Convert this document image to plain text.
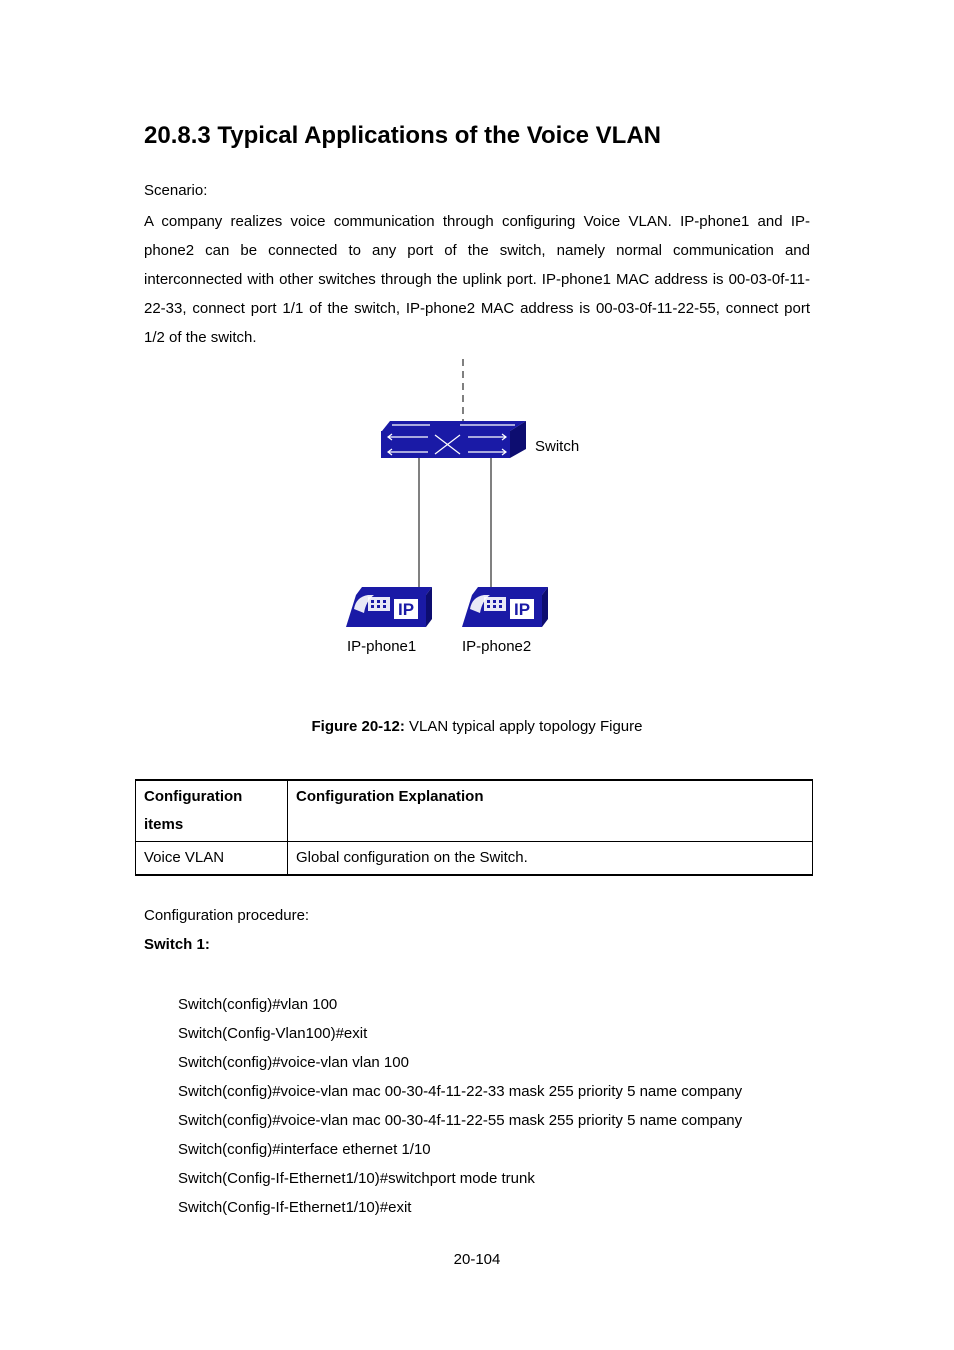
20.8.3 Typical Applications of the Voice VLAN
Scenario:

A company realizes voice communication through configuring Voice VLAN. IP-phone1 and IP-phone2 can be connected to any port of the switch, namely normal communication and interconnected with other switches through the uplink port. IP-phone1 MAC address is 00-03-0f-11-22-33, connect port 1/1 of the switch, IP-phone2 MAC address is 00-03-0f-11-22-55, connect port 1/2 of the switch.

IP	IP
Switch
IP-phone1	IP-phone2
Figure 20-12: VLAN typical apply topology Figure
Configuration items	Configuration Explanation
Voice VLAN	Global configuration on the Switch.
Configuration procedure:
Switch 1:
Switch(config)#vlan 100
Switch(Config-Vlan100)#exit
Switch(config)#voice-vlan vlan 100
Switch(config)#voice-vlan mac 00-30-4f-11-22-33 mask 255 priority 5 name company
Switch(config)#voice-vlan mac 00-30-4f-11-22-55 mask 255 priority 5 name company
Switch(config)#interface ethernet 1/10
Switch(Config-If-Ethernet1/10)#switchport mode trunk
Switch(Config-If-Ethernet1/10)#exit
20-104
